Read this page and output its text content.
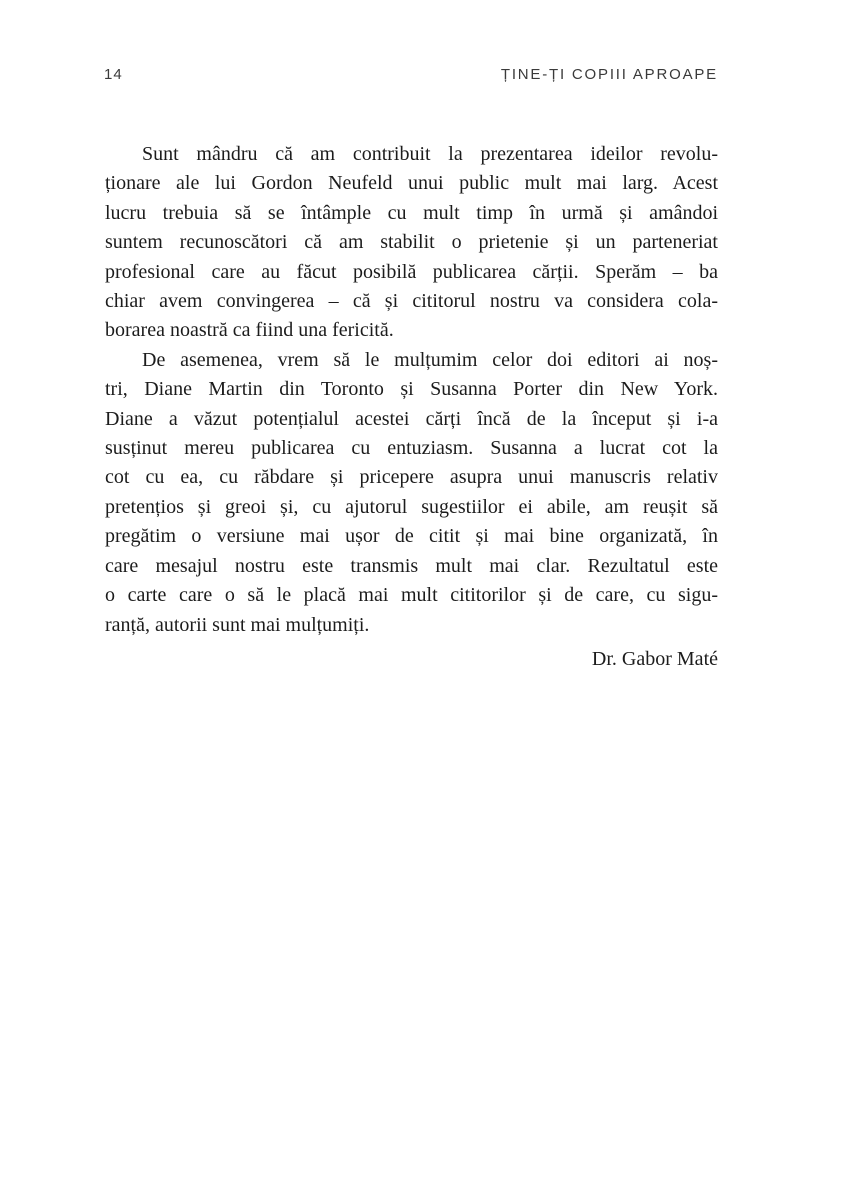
14	ȚINE-ȚI COPIII APROAPE
Sunt mândru că am contribuit la prezentarea ideilor revolu-
ționare ale lui Gordon Neufeld unui public mult mai larg. Acest
lucru trebuia să se întâmple cu mult timp în urmă și amândoi
suntem recunoscători că am stabilit o prietenie și un parteneriat
profesional care au făcut posibilă publicarea cărții. Sperăm – ba
chiar avem convingerea – că și cititorul nostru va considera cola-
borarea noastră ca fiind una fericită.
De asemenea, vrem să le mulțumim celor doi editori ai noș-
tri, Diane Martin din Toronto și Susanna Porter din New York.
Diane a văzut potențialul acestei cărți încă de la început și i-a
susținut mereu publicarea cu entuziasm. Susanna a lucrat cot la
cot cu ea, cu răbdare și pricepere asupra unui manuscris relativ
pretențios și greoi și, cu ajutorul sugestiilor ei abile, am reușit să
pregătim o versiune mai ușor de citit și mai bine organizată, în
care mesajul nostru este transmis mult mai clar. Rezultatul este
o carte care o să le placă mai mult cititorilor și de care, cu sigu-
ranță, autorii sunt mai mulțumiți.
Dr. Gabor Maté
